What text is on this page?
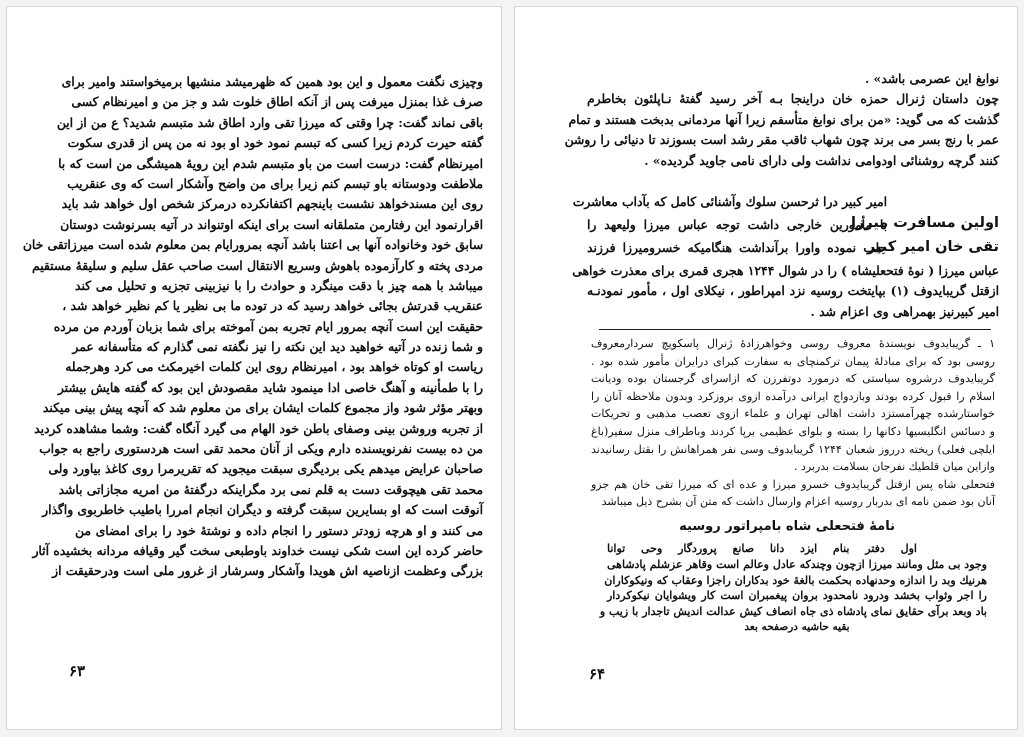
وچیزی نگفت معمول و این بود همین که ظهرمیشد منشیها برمیخواستند وامیر برای
صرف غذا بمنزل میرفت پس از آنکه اطاق خلوت شد و جز من و امیرنظام کسی
باقی نماند گفت: چرا وقتی که میرزا تقی وارد اطاق شد متبسم شدید؟ ع من از این
گفته حیرت کردم زیرا کسی که تبسم نمود خود او بود نه من پس از قدری سکوت
امیرنظام گفت: درست است من باو متبسم شدم این رویهٔ همیشگی من است که با
ملاطفت ودوستانه باو تبسم کنم زیرا برای من واضح وآشکار است که وی عنقریب
روی این مسندخواهد نشست باینجهم اکتفانکرده درمرکز شخص اول خواهد شد باید
اقرارنمود این رفتارمن متملقانه است برای اینکه اوتنواند در آتیه بسرنوشت دوستان
سابق خود وخانواده آنها بی اعتنا باشد آنچه بمرورایام بمن معلوم شده است میرزاتقی خان
مردی پخته و کارآزموده باهوش وسریع الانتقال است صاحب عقل سلیم و سلیقهٔ مستقیم
میباشد با همه چیز با دقت مینگرد و حوادث را با نیزبینی تجزیه و تحلیل می کند
عنقریب قدرتش بجائی خواهد رسید که در توده ما بی نظیر یا کم نظیر خواهد شد ،
حقیقت این است آنچه بمرور ایام تجربه بمن آموخته برای شما بزبان آوردم من مرده
و شما زنده در آتیه خواهید دید این نکته را نیز نگفته نمی گذارم که متأسفانه عمر
ریاست او کوتاه خواهد بود ، امیرنظام روی این کلمات اخیرمکث می کرد وهرجمله
را با طمأنینه و آهنگ خاصی ادا مینمود شاید مقصودش این بود که گفته هایش بیشتر
وبهتر مؤثر شود واز مجموع کلمات ایشان برای من معلوم شد که آنچه پیش بینی میکند
از تجربه وروشن بینی وصفای باطن خود الهام می گیرد آنگاه گفت: وشما مشاهده کردید
من ده بیست نفرنویسنده دارم ویکی از آنان محمد تقی است هردستوری راجع به جواب
صاحبان عرایض میدهم یکی بردیگری سبقت میجوید که تقریرمرا روی کاغذ بیاورد ولی
محمد تقی هیچوقت دست به قلم نمی برد مگراینکه درگفتهٔ من امریه مجازاتی باشد
آنوقت است که او بسایرین سبقت گرفته و دیگران انجام امررا باطیب خاطربوی واگذار
می کنند و او هرچه زودتر دستور را انجام داده و نوشتهٔ خود را برای امضای من
حاضر کرده این است شکی نیست خداوند باوطبعی سخت گیر وقیافه مردانه بخشیده آثار
بزرگی وعظمت ازناصیه اش هویدا وآشکار وسرشار از غرور ملی است ودرحقیقت از
۶۳
نوابغ این عصرمی باشد» .
چون داستان ژنرال حمزه خان دراینجا بـه آخر رسید گفتهٔ نـاپلئون بخاطرم
گذشت که می گوید: «من برای نوابغ متأسفم زیرا آنها مردمانی بدبخت هستند و تمام
عمر با رنج بسر می برند چون شهاب ثاقب مقر رشد است بسوزند تا دنیائی را روشن
کنند گرچه روشنائی اودوامی نداشت ولی دارای نامی جاوید گردیده» .
اولین مسافرت میرزا
تقی خان امیر کبیر
امیر کبیر درا ثرحسن سلوك وآشنائی کامل که بآداب معاشرت
با مأمورین خارجی داشت توجه عباس میرزا ولیعهد را
جلب نموده واورا برآنداشت هنگامیکه خسرومیرزا فرزند
عباس میرزا ( نوهٔ فتحعلیشاه ) را در شوال ۱۲۴۴ هجری قمری برای معذرت خواهی
ازقتل گریبایدوف (۱) بپایتخت روسیه نزد امپراطور ، نیکلای اول ، مأمور نمودنـه
امیر کبیرنیز بهمراهی وی اعزام شد .
۱ ـ گریبایدوف نویسندهٔ معروف روسی وخواهرزادهٔ ژنرال پاسکویچ سردارمعروف
روسی بود که برای مبادلهٔ پیمان ترکمنچای به سفارت کبرای درایران مأمور شده بود .
گریبایدوف درشروه سیاستی که درمورد دوتفرزن که ازاسرای گرجستان بوده ودیانت
اسلام را قبول کرده بودند وبازدواج ایرانی درآمده ازوی بروزکرد وبدون ملاحظه آنان را
خواستارشده چهرآمستزد داشت اهالی تهران و علماء ازوی تعصب مذهبی و تحریکات
و دسائس انگلیسیها دکانها را بسته و بلوای عظیمی برپا کردند وباطراف منزل سفیر(باغ
ایلچی فعلی) ریخته درروز شعبان ۱۲۴۴ گریبایدوف وسی نفر همراهانش را بقتل رسانیدند
وازاین میان قلطیك نفرجان بسلامت بدربرد .
فتحعلی شاه پس ازقتل گریبایدوف خسرو میرزا و عده ای که میرزا تقی خان هم جزو
آنان بود ضمن نامه ای بدربار روسیه اعزام وارسال داشت که متن آن بشرح ذیل میباشد
نامهٔ فتحعلی شاه بامپراتور روسیه
اول دفتر بنام ایزد دانا صانع پروردگار وحی توانا
وجود بی مثل ومانند میرزا ازچون وچندکه عادل وعالم است وقاهر عزشلم پادشاهی
هرنیك وبد را اندازه وحدنهاده بحکمت بالغهٔ خود بدکاران راجزا وعقاب که ونیکوکاران
را اجر وثواب بخشد ودرود نامحدود بروان پیغمبران است کار ویشوایان نیکوکردار
باد وبعد برآی حقایق نمای پادشاه ذی جاه انصاف کیش عدالت اندیش تاجدار با زیب و
بقیه حاشیه درصفحه بعد
۶۴
